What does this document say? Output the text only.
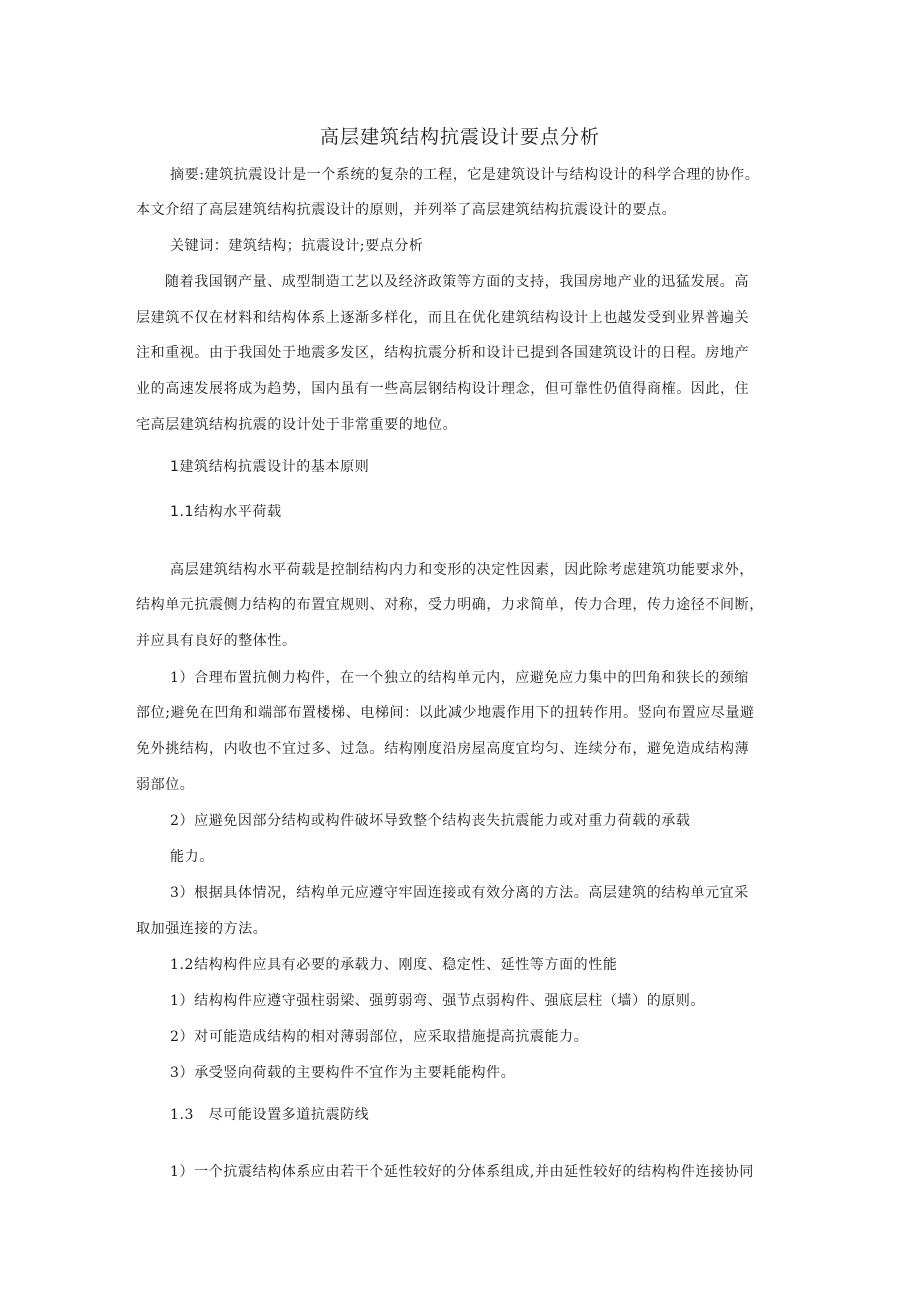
高层建筑结构抗震设计要点分析
摘要:建筑抗震设计是一个系统的复杂的工程，它是建筑设计与结构设计的科学合理的协作。
本文介绍了高层建筑结构抗震设计的原则，并列举了高层建筑结构抗震设计的要点。
关键词：建筑结构；抗震设计;要点分析
随着我国钢产量、成型制造工艺以及经济政策等方面的支持，我国房地产业的迅猛发展。高
层建筑不仅在材料和结构体系上逐渐多样化，而且在优化建筑结构设计上也越发受到业界普遍关
注和重视。由于我国处于地震多发区，结构抗震分析和设计已提到各国建筑设计的日程。房地产
业的高速发展将成为趋势，国内虽有一些高层钢结构设计理念，但可靠性仍值得商榷。因此，住
宅高层建筑结构抗震的设计处于非常重要的地位。
1建筑结构抗震设计的基本原则
1.1结构水平荷载
高层建筑结构水平荷载是控制结构内力和变形的决定性因素，因此除考虑建筑功能要求外，
结构单元抗震侧力结构的布置宜规则、对称，受力明确，力求简单，传力合理，传力途径不间断，
并应具有良好的整体性。
1）合理布置抗侧力构件，在一个独立的结构单元内，应避免应力集中的凹角和狭长的颈缩
部位;避免在凹角和端部布置楼梯、电梯间：以此减少地震作用下的扭转作用。竖向布置应尽量避
免外挑结构，内收也不宜过多、过急。结构刚度沿房屋高度宜均匀、连续分布，避免造成结构薄
弱部位。
2）应避免因部分结构或构件破坏导致整个结构丧失抗震能力或对重力荷载的承载
能力。
3）根据具体情况，结构单元应遵守牢固连接或有效分离的方法。高层建筑的结构单元宜采
取加强连接的方法。
1.2结构构件应具有必要的承载力、刚度、稳定性、延性等方面的性能
1）结构构件应遵守强柱弱梁、强剪弱弯、强节点弱构件、强底层柱（墙）的原则。
2）对可能造成结构的相对薄弱部位，应采取措施提高抗震能力。
3）承受竖向荷载的主要构件不宜作为主要耗能构件。
1.3　尽可能设置多道抗震防线
1）一个抗震结构体系应由若干个延性较好的分体系组成,并由延性较好的结构构件连接协同
